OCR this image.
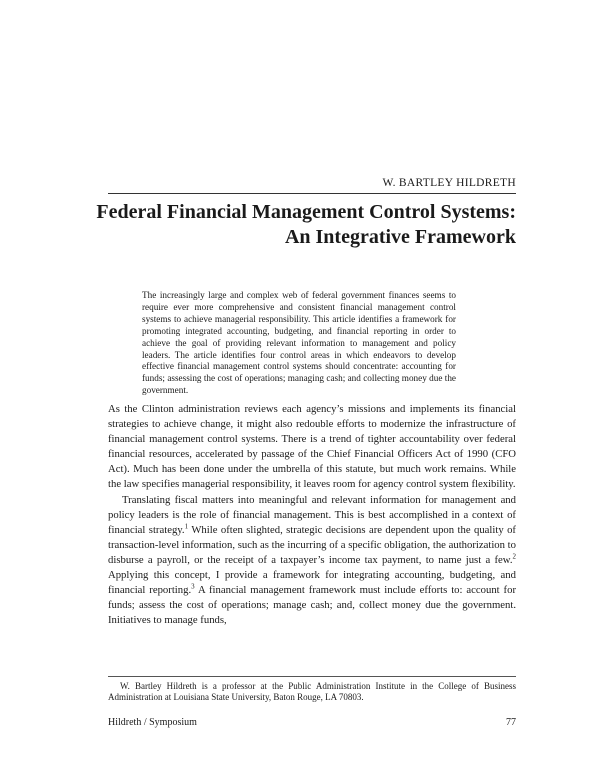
W. BARTLEY HILDRETH
Federal Financial Management Control Systems:
An Integrative Framework

The increasingly large and complex web of federal government finances seems to require ever more comprehensive and consistent financial management control systems to achieve managerial responsibility. This article identifies a framework for promoting integrated accounting, budgeting, and financial reporting in order to achieve the goal of providing relevant information to management and policy leaders. The article identifies four control areas in which endeavors to develop effective financial management control systems should concentrate: accounting for funds; assessing the cost of operations; managing cash; and collecting money due the government.

As the Clinton administration reviews each agency’s missions and implements its financial strategies to achieve change, it might also redouble efforts to modernize the infrastructure of financial management control systems. There is a trend of tighter accountability over federal financial resources, accelerated by passage of the Chief Financial Officers Act of 1990 (CFO Act). Much has been done under the umbrella of this statute, but much work remains. While the law specifies managerial responsibility, it leaves room for agency control system flexibility.

Translating fiscal matters into meaningful and relevant information for management and policy leaders is the role of financial management. This is best accomplished in a context of financial strategy.$^1$ While often slighted, strategic decisions are dependent upon the quality of transaction-level information, such as the incurring of a specific obligation, the authorization to disburse a payroll, or the receipt of a taxpayer’s income tax payment, to name just a few.$^2$ Applying this concept, I provide a framework for integrating accounting, budgeting, and financial reporting.$^3$ A financial management framework must include efforts to: account for funds; assess the cost of operations; manage cash; and, collect money due the government. Initiatives to manage funds,

W. Bartley Hildreth is a professor at the Public Administration Institute in the College of Business Administration at Louisiana State University, Baton Rouge, LA 70803.

Hildreth / Symposium	77
